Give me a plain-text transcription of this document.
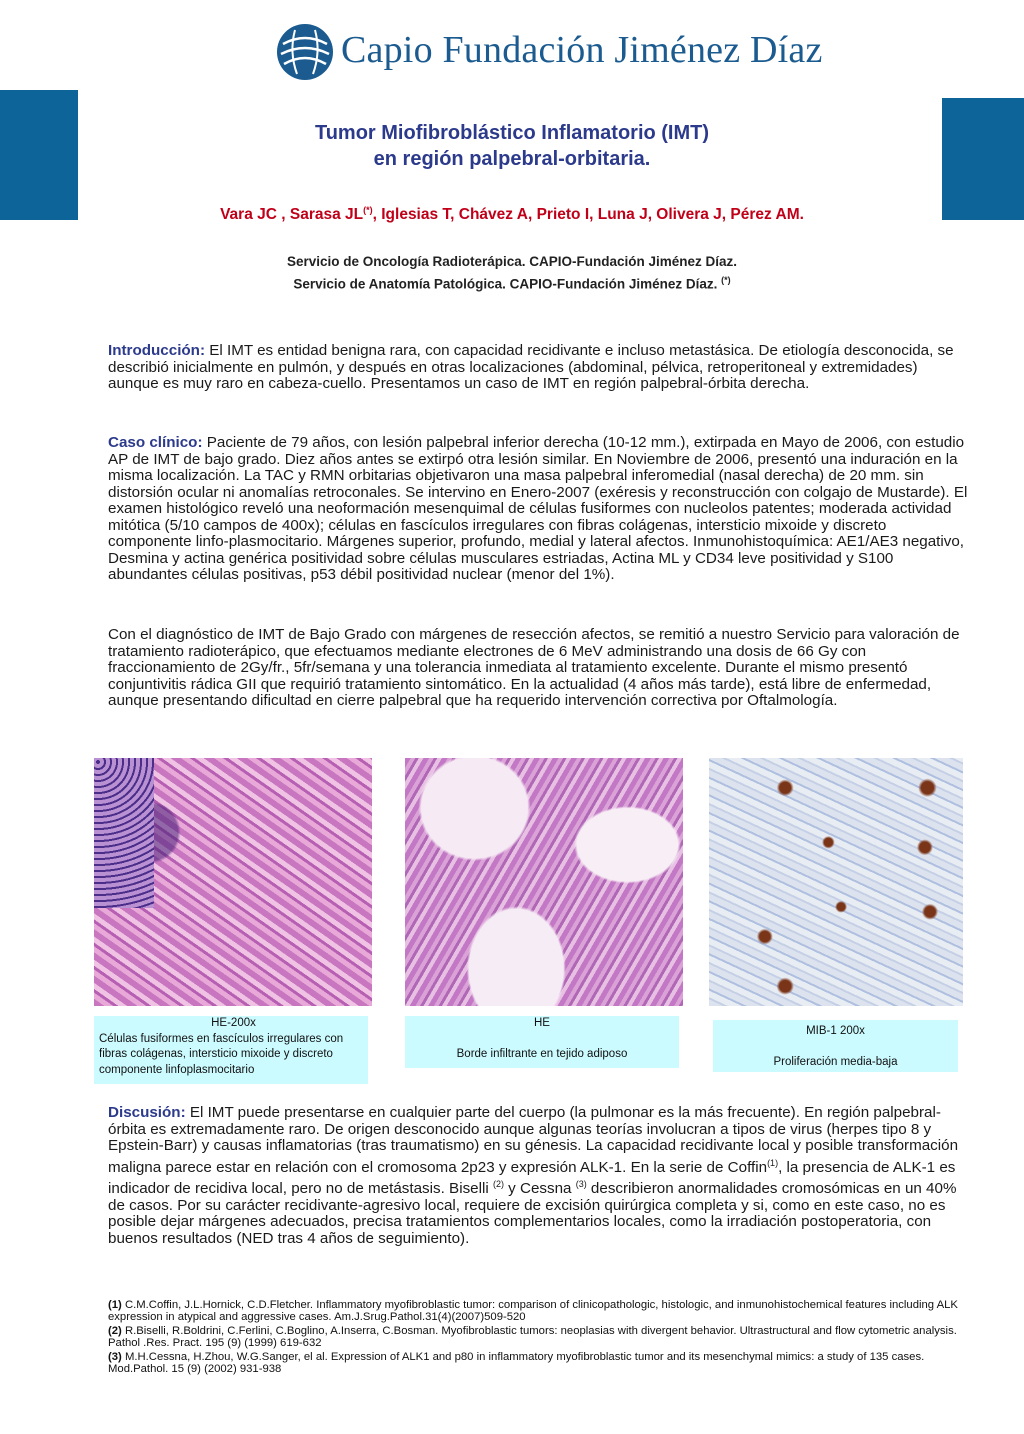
Capio Fundación Jiménez Díaz
Tumor Miofibroblástico Inflamatorio (IMT)
en región palpebral-orbitaria.
Vara JC , Sarasa JL(*), Iglesias T, Chávez A, Prieto I, Luna J, Olivera J, Pérez AM.
Servicio de Oncología Radioterápica. CAPIO-Fundación Jiménez Díaz.
Servicio de Anatomía Patológica. CAPIO-Fundación Jiménez Díaz. (*)
Introducción: El IMT es entidad benigna rara, con capacidad recidivante e incluso metastásica. De etiología desconocida, se describió inicialmente en pulmón, y después en otras localizaciones (abdominal, pélvica, retroperitoneal y extremidades) aunque es muy raro en cabeza-cuello. Presentamos un caso de IMT en región palpebral-órbita derecha.
Caso clínico: Paciente de 79 años, con lesión palpebral inferior derecha (10-12 mm.), extirpada en Mayo de 2006, con estudio AP de IMT de bajo grado. Diez años antes se extirpó otra lesión similar. En Noviembre de 2006, presentó una induración en la misma localización. La TAC y RMN orbitarias objetivaron una masa palpebral inferomedial (nasal derecha) de 20 mm. sin distorsión ocular ni anomalías retroconales. Se intervino en Enero-2007 (exéresis y reconstrucción con colgajo de Mustarde). El examen histológico reveló una neoformación mesenquimal de células fusiformes con nucleolos patentes; moderada actividad mitótica (5/10 campos de 400x); células en fascículos irregulares con fibras colágenas, intersticio mixoide y discreto componente linfo-plasmocitario. Márgenes superior, profundo, medial y lateral afectos. Inmunohistoquímica: AE1/AE3 negativo, Desmina y actina genérica positividad sobre células musculares estriadas, Actina ML y CD34 leve positividad y S100 abundantes células positivas, p53 débil positividad nuclear (menor del 1%).
Con el diagnóstico de IMT de Bajo Grado con márgenes de resección afectos, se remitió a nuestro Servicio para valoración de tratamiento radioterápico, que efectuamos mediante electrones de 6 MeV administrando una dosis de 66 Gy con fraccionamiento de 2Gy/fr., 5fr/semana y una tolerancia inmediata al tratamiento excelente. Durante el mismo presentó conjuntivitis rádica GII que requirió tratamiento sintomático. En la actualidad (4 años más tarde), está libre de enfermedad, aunque presentando dificultad en cierre palpebral que ha requerido intervención correctiva por Oftalmología.
HE-200x
Células fusiformes en fascículos irregulares con fibras colágenas, intersticio mixoide y discreto componente linfoplasmocitario
HE
Borde infiltrante en tejido adiposo
MIB-1 200x
Proliferación media-baja
Discusión: El IMT puede presentarse en cualquier parte del cuerpo (la pulmonar es la más frecuente). En región palpebral-órbita es extremadamente raro. De origen desconocido aunque algunas teorías involucran a tipos de virus (herpes tipo 8 y Epstein-Barr) y causas inflamatorias (tras traumatismo) en su génesis. La capacidad recidivante local y posible transformación maligna parece estar en relación con el cromosoma 2p23 y expresión ALK-1. En la serie de Coffin$^{(1)}$, la presencia de ALK-1 es indicador de recidiva local, pero no de metástasis. Biselli $^{(2)}$ y Cessna $^{(3)}$ describieron anormalidades cromosómicas en un 40% de casos. Por su carácter recidivante-agresivo local, requiere de excisión quirúrgica completa y si, como en este caso, no es posible dejar márgenes adecuados, precisa tratamientos complementarios locales, como la irradiación postoperatoria, con buenos resultados (NED tras 4 años de seguimiento).
(1) C.M.Coffin, J.L.Hornick, C.D.Fletcher. Inflammatory myofibroblastic tumor: comparison of clinicopathologic, histologic, and inmunohistochemical features including ALK expression in atypical and aggressive cases. Am.J.Srug.Pathol.31(4)(2007)509-520
(2) R.Biselli, R.Boldrini, C.Ferlini, C.Boglino, A.Inserra, C.Bosman. Myofibroblastic tumors: neoplasias with divergent behavior. Ultrastructural and flow cytometric analysis. Pathol .Res. Pract. 195 (9) (1999) 619-632
(3) M.H.Cessna, H.Zhou, W.G.Sanger, el al. Expression of ALK1 and p80 in inflammatory myofibroblastic tumor and its mesenchymal mimics: a study of 135 cases. Mod.Pathol. 15 (9) (2002) 931-938
